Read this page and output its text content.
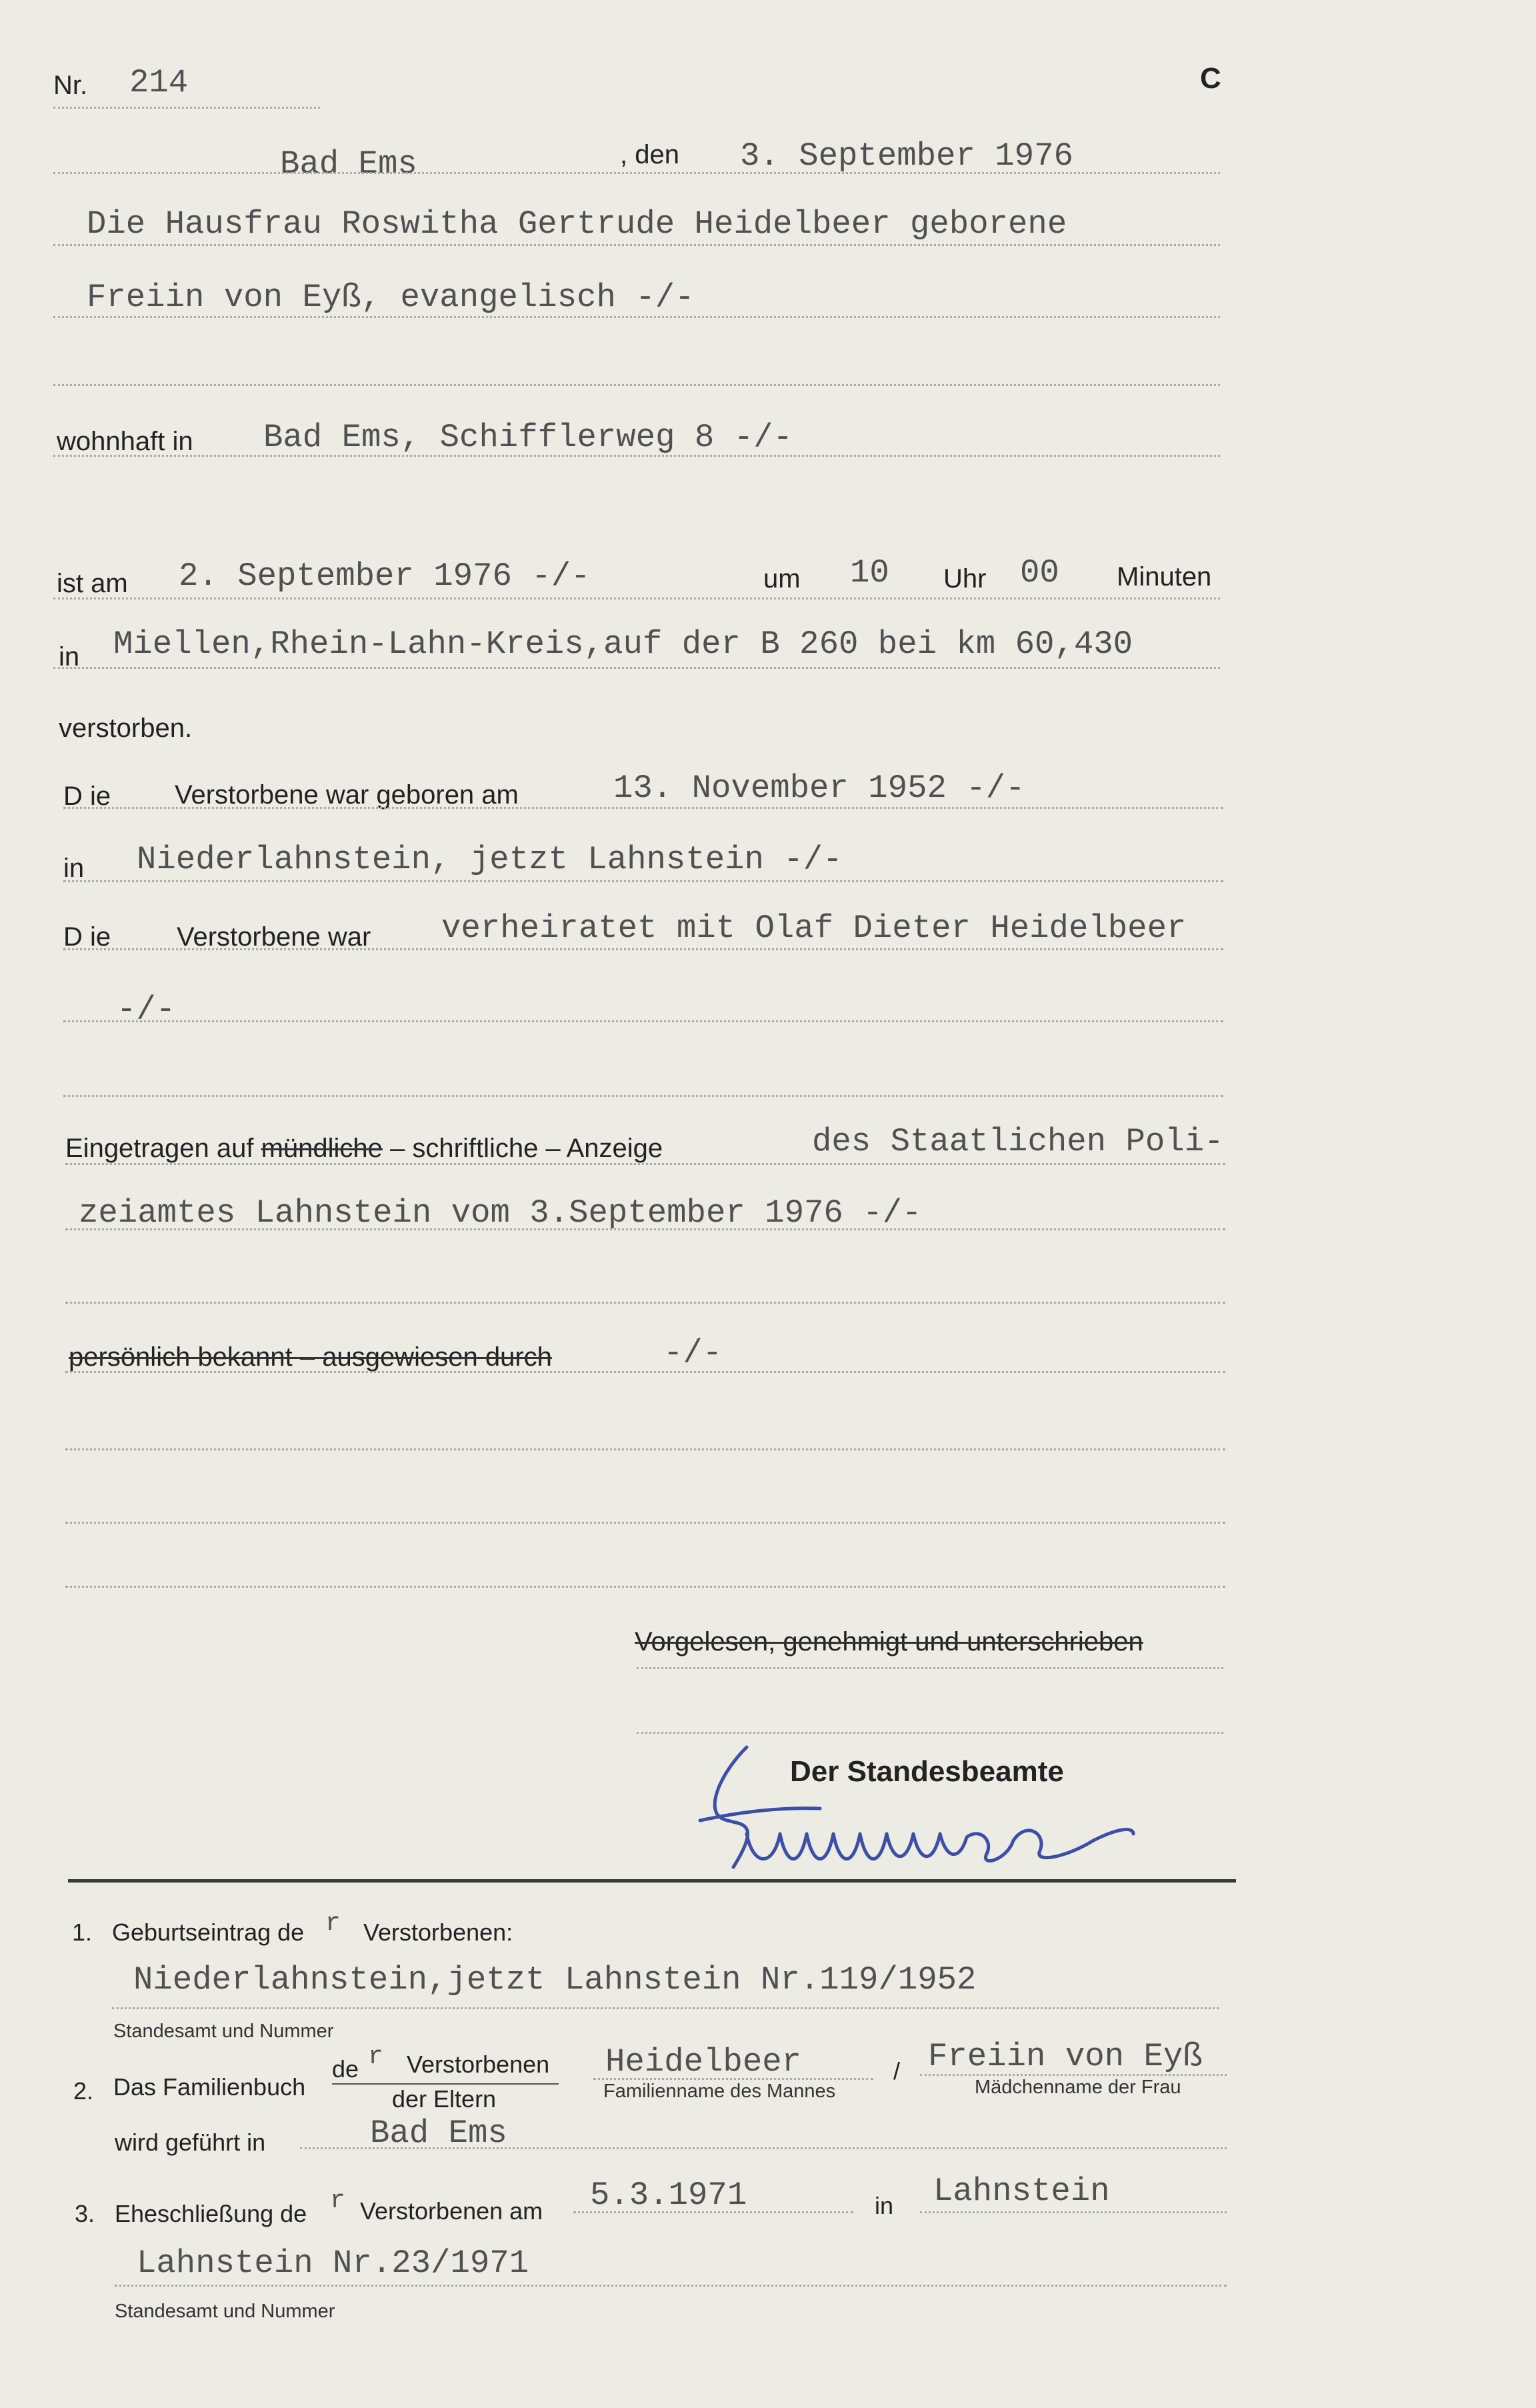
Nr. 214	C
Bad Ems	, den 3. September 1976
Die Hausfrau Roswitha Gertrude Heidelbeer geborene
Freiin von Eyß, evangelisch -/-
wohnhaft in Bad Ems, Schifflerweg 8 -/-
ist am 2. September 1976 -/-	um 10 Uhr 00 Minuten
in Miellen,Rhein-Lahn-Kreis,auf der B 260 bei km 60,430
verstorben.
D ie Verstorbene war geboren am	13. November 1952 -/-
in Niederlahnstein, jetzt Lahnstein -/-
D ie Verstorbene war verheiratet mit Olaf Dieter Heidelbeer
-/-
Eingetragen auf mündliche – schriftliche – Anzeige	des Staatlichen Poli-
zeiamtes Lahnstein vom 3.September 1976 -/-
persönlich bekannt – ausgewiesen durch	-/-
Vorgelesen, genehmigt und unterschrieben
Der Standesbeamte
1. Geburtseintrag de r Verstorbenen:
Niederlahnstein,jetzt Lahnstein Nr.119/1952
Standesamt und Nummer
2. Das Familienbuch
de r Verstorbenen
der Eltern
Heidelbeer
Familienname des Mannes
/ Freiin von Eyß
Mädchenname der Frau
wird geführt in	Bad Ems
3. Eheschließung de r Verstorbenen am 5.3.1971	in Lahnstein
Lahnstein Nr.23/1971
Standesamt und Nummer
